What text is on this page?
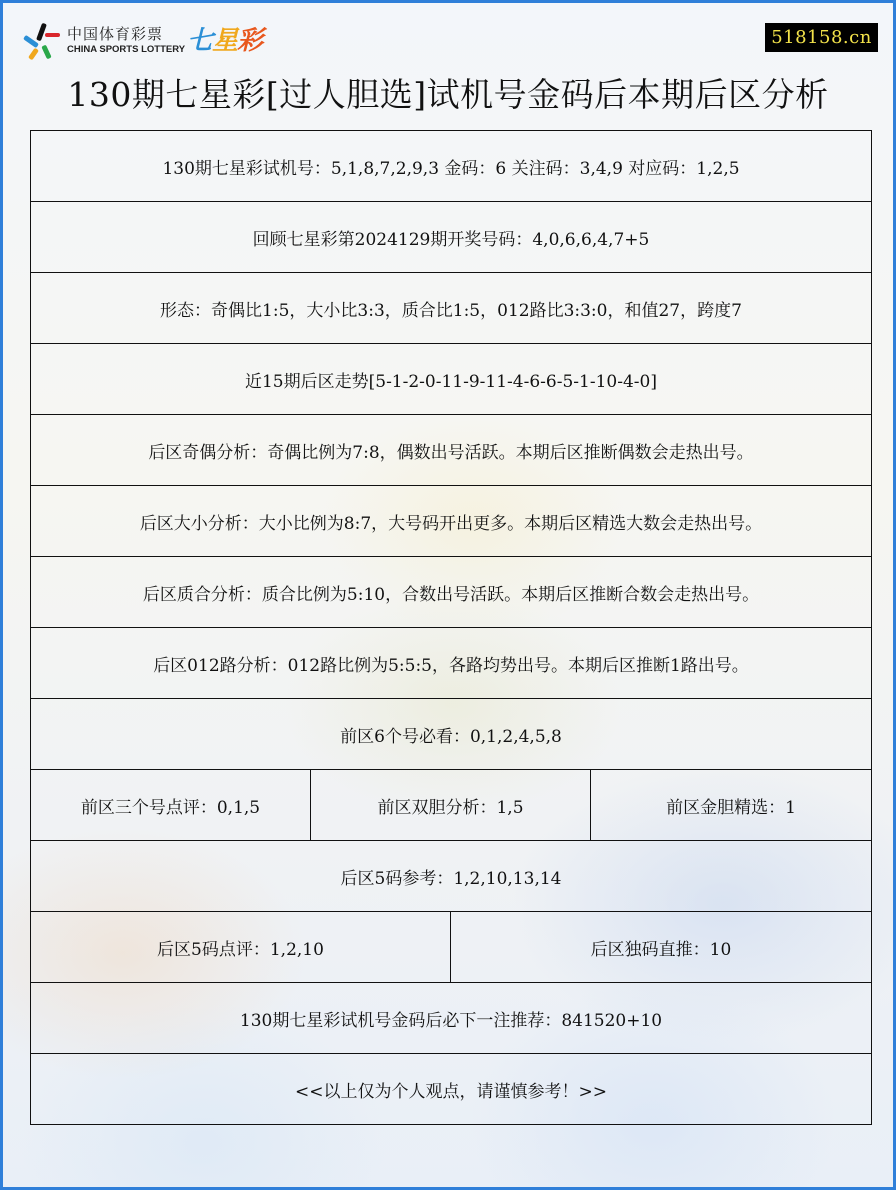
中国体育彩票
CHINA SPORTS LOTTERY 七星彩	518158.cn
130期七星彩[过人胆选]试机号金码后本期后区分析
130期七星彩试机号：5,1,8,7,2,9,3 金码：6 关注码：3,4,9 对应码：1,2,5			
回顾七星彩第2024129期开奖号码：4,0,6,6,4,7+5			
形态：奇偶比1:5，大小比3:3，质合比1:5，012路比3:3:0，和值27，跨度7			
近15期后区走势[5-1-2-0-11-9-11-4-6-6-5-1-10-4-0]			
后区奇偶分析：奇偶比例为7:8，偶数出号活跃。本期后区推断偶数会走热出号。			
后区大小分析：大小比例为8:7，大号码开出更多。本期后区精选大数会走热出号。			
后区质合分析：质合比例为5:10，合数出号活跃。本期后区推断合数会走热出号。			
后区012路分析：012路比例为5:5:5，各路均势出号。本期后区推断1路出号。			
前区6个号必看：0,1,2,4,5,8			
前区三个号点评：0,1,5	前区双胆分析：1,5		前区金胆精选：1
后区5码参考：1,2,10,13,14			
后区5码点评：1,2,10		后区独码直推：10	
130期七星彩试机号金码后必下一注推荐：841520+10			
<<以上仅为个人观点，请谨慎参考！>>			
